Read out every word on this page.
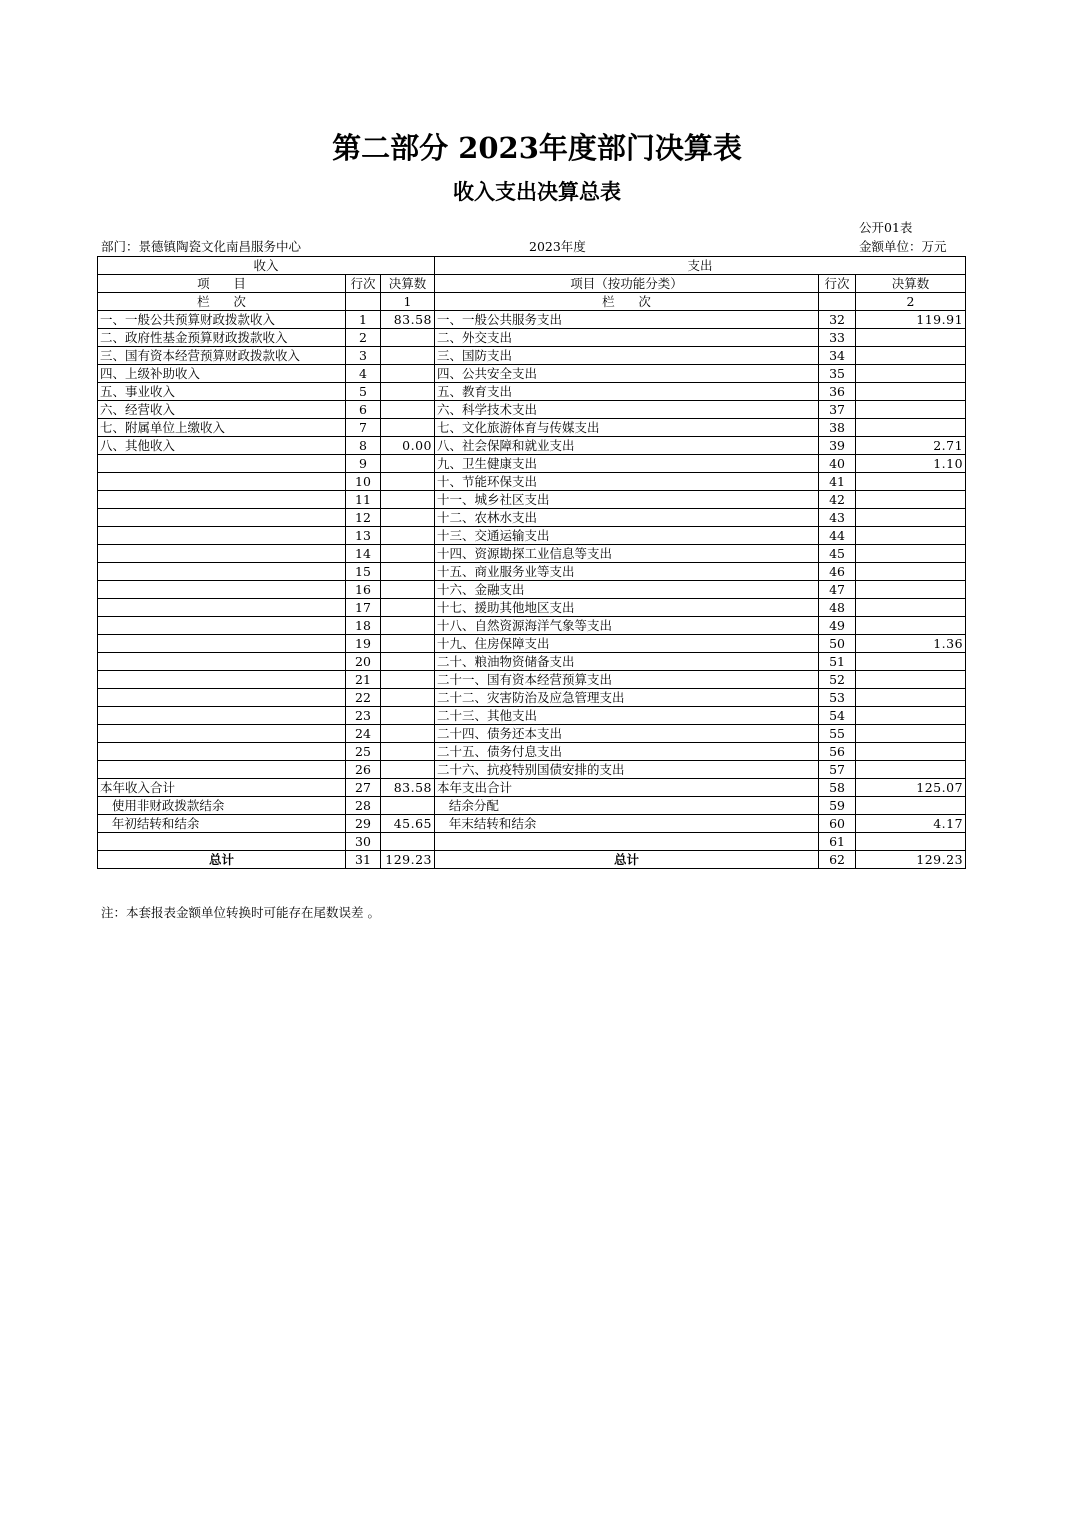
第二部分 2023年度部门决算表
收入支出决算总表
公开01表
部门：景德镇陶瓷文化南昌服务中心	2023年度	金额单位：万元
收入			支出		
项      目	行次	决算数	项目（按功能分类）	行次	决算数
栏      次		1	栏      次		2
一、一般公共预算财政拨款收入	1	83.58	一、一般公共服务支出	32	119.91
二、政府性基金预算财政拨款收入	2		二、外交支出	33	
三、国有资本经营预算财政拨款收入	3		三、国防支出	34	
四、上级补助收入	4		四、公共安全支出	35	
五、事业收入	5		五、教育支出	36	
六、经营收入	6		六、科学技术支出	37	
七、附属单位上缴收入	7		七、文化旅游体育与传媒支出	38	
八、其他收入	8	0.00	八、社会保障和就业支出	39	2.71
	9		九、卫生健康支出	40	1.10
	10		十、节能环保支出	41	
	11		十一、城乡社区支出	42	
	12		十二、农林水支出	43	
	13		十三、交通运输支出	44	
	14		十四、资源勘探工业信息等支出	45	
	15		十五、商业服务业等支出	46	
	16		十六、金融支出	47	
	17		十七、援助其他地区支出	48	
	18		十八、自然资源海洋气象等支出	49	
	19		十九、住房保障支出	50	1.36
	20		二十、粮油物资储备支出	51	
	21		二十一、国有资本经营预算支出	52	
	22		二十二、灾害防治及应急管理支出	53	
	23		二十三、其他支出	54	
	24		二十四、债务还本支出	55	
	25		二十五、债务付息支出	56	
	26		二十六、抗疫特别国债安排的支出	57	
本年收入合计	27	83.58	本年支出合计	58	125.07
使用非财政拨款结余	28		结余分配	59	
年初结转和结余	29	45.65	年末结转和结余	60	4.17
	30			61	
总计	31	129.23	总计	62	129.23
注：本套报表金额单位转换时可能存在尾数误差 。
